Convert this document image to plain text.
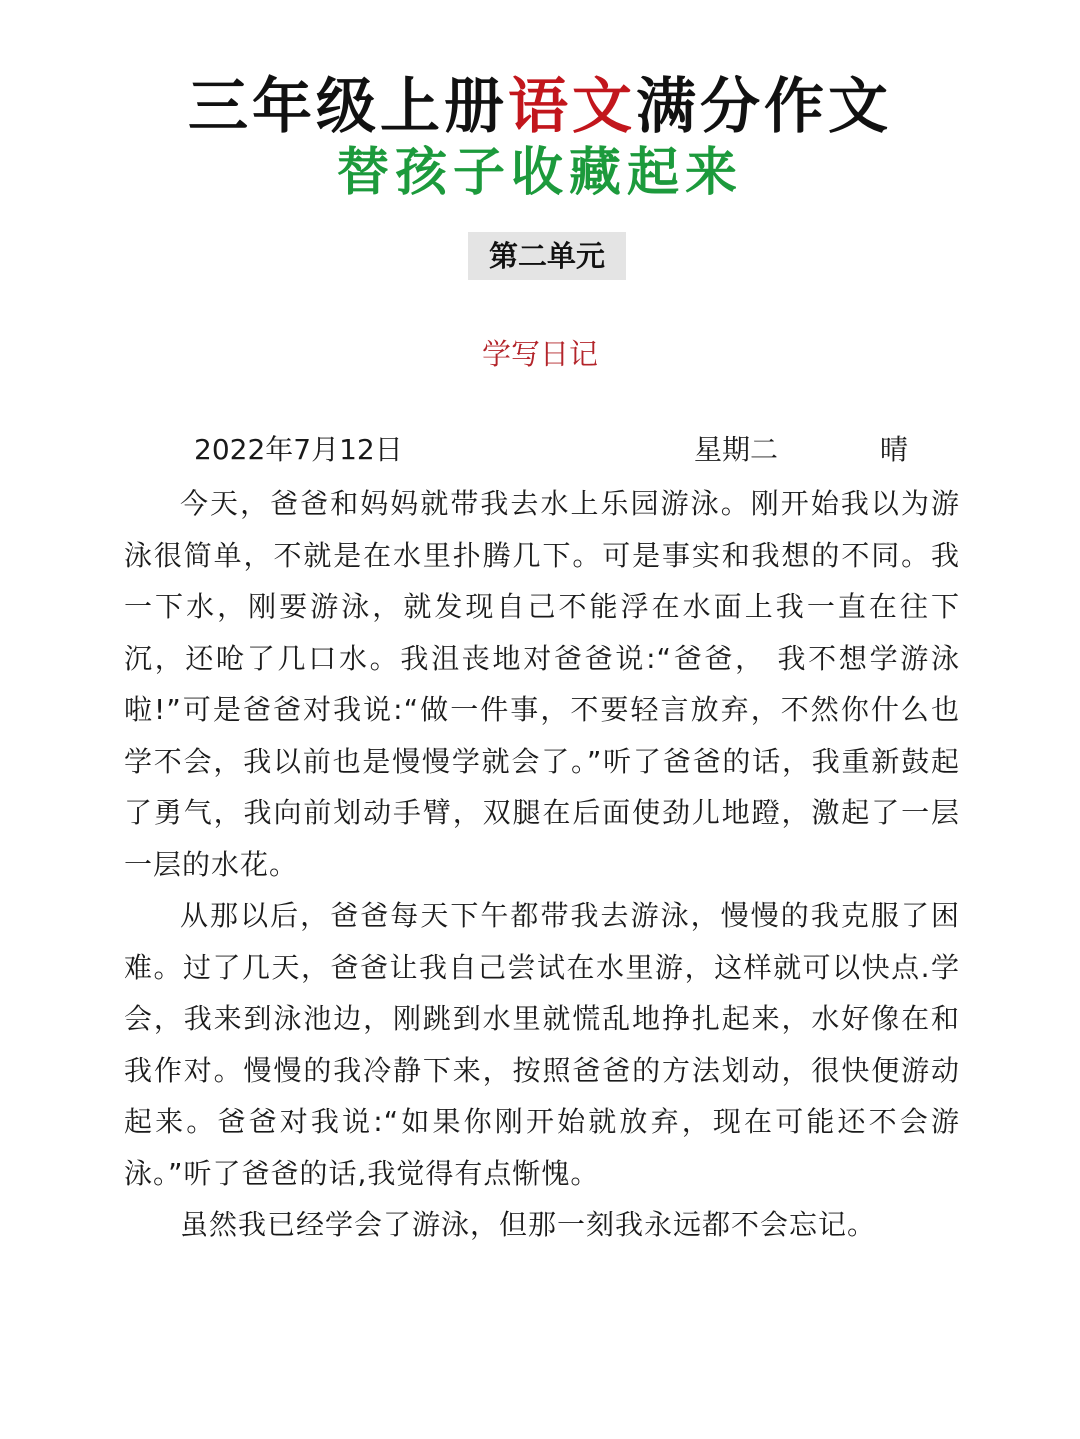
三年级上册语文满分作文
替孩子收藏起来
第二单元
学写日记
2022年7月12日	星期二	晴

今天，爸爸和妈妈就带我去水上乐园游泳。刚开始我以为游泳很简单，不就是在水里扑腾几下。可是事实和我想的不同。我一下水，刚要游泳，就发现自己不能浮在水面上我一直在往下沉，还呛了几口水。我沮丧地对爸爸说:“爸爸， 我不想学游泳啦!”可是爸爸对我说:“做一件事，不要轻言放弃，不然你什么也学不会，我以前也是慢慢学就会了。”听了爸爸的话，我重新鼓起了勇气，我向前划动手臂，双腿在后面使劲儿地蹬，激起了一层一层的水花。

从那以后，爸爸每天下午都带我去游泳，慢慢的我克服了困难。过了几天，爸爸让我自己尝试在水里游，这样就可以快点.学会，我来到泳池边，刚跳到水里就慌乱地挣扎起来，水好像在和我作对。慢慢的我冷静下来，按照爸爸的方法划动，很快便游动起来。爸爸对我说:“如果你刚开始就放弃，现在可能还不会游泳。”听了爸爸的话,我觉得有点惭愧。

虽然我已经学会了游泳，但那一刻我永远都不会忘记。
